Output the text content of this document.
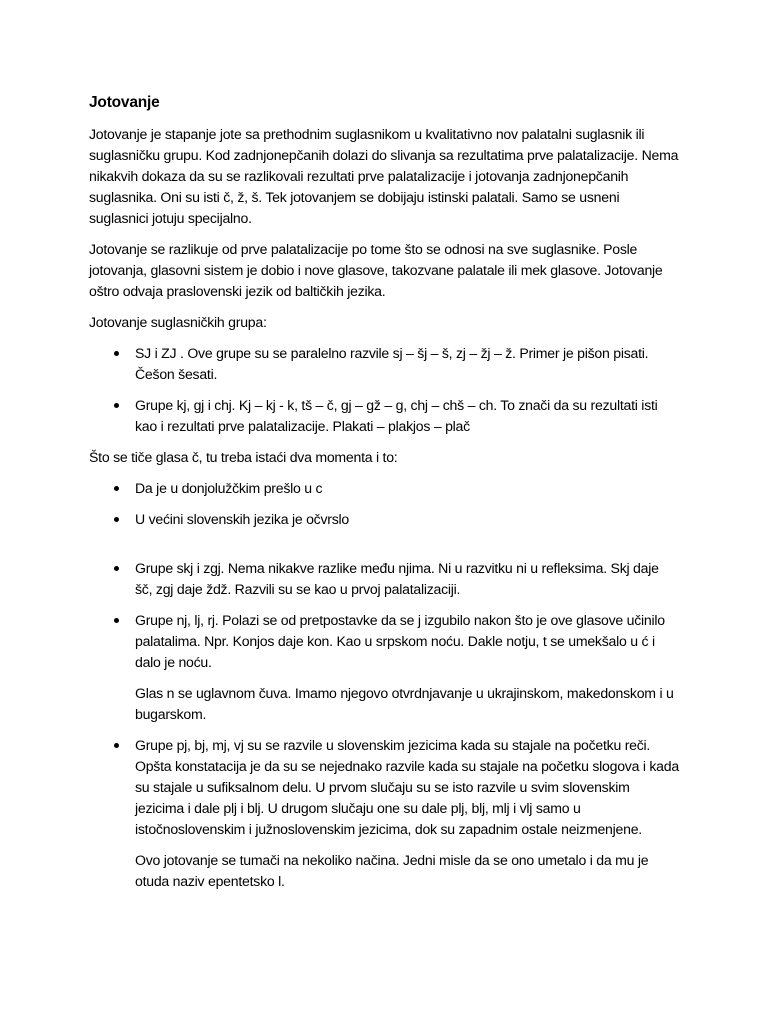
Jotovanje

Jotovanje je stapanje jote sa prethodnim suglasnikom u kvalitativno nov palatalni suglasnik ili suglasničku grupu. Kod zadnjonepčanih dolazi do slivanja sa rezultatima prve palatalizacije. Nema nikakvih dokaza da su se razlikovali rezultati prve palatalizacije i jotovanja zadnjonepčanih suglasnika. Oni su isti č, ž, š. Tek jotovanjem se dobijaju istinski palatali. Samo se usneni suglasnici jotuju specijalno.

Jotovanje se razlikuje od prve palatalizacije po tome što se odnosi na sve suglasnike. Posle jotovanja, glasovni sistem je dobio i nove glasove, takozvane palatale ili mek glasove. Jotovanje oštro odvaja praslovenski jezik od baltičkih jezika.

Jotovanje suglasničkih grupa:

SJ i ZJ . Ove grupe su se paralelno razvile sj – šj – š, zj – žj – ž. Primer je pišon pisati. Češon šesati.
Grupe kj, gj i chj. Kj – kj - k, tš – č, gj – gž – g, chj – chš – ch. To znači da su rezultati isti kao i rezultati prve palatalizacije. Plakati – plakjos – plač

Što se tiče glasa č, tu treba istaći dva momenta i to:

Da je u donjolužčkim prešlo u c
U većini slovenskih jezika je očvrslo
Grupe skj i zgj. Nema nikakve razlike među njima. Ni u razvitku ni u refleksima. Skj daje šč, zgj daje ždž. Razvili su se kao u prvoj palatalizaciji.
Grupe nj, lj, rj. Polazi se od pretpostavke da se j izgubilo nakon što je ove glasove učinilo palatalima. Npr. Konjos daje kon. Kao u srpskom noću. Dakle notju, t se umekšalo u ć i dalo je noću.

Glas n se uglavnom čuva. Imamo njegovo otvrdnjavanje u ukrajinskom, makedonskom i u bugarskom.

Grupe pj, bj, mj, vj su se razvile u slovenskim jezicima kada su stajale na početku reči. Opšta konstatacija je da su se nejednako razvile kada su stajale na početku slogova i kada su stajale u sufiksalnom delu. U prvom slučaju su se isto razvile u svim slovenskim jezicima i dale plj i blj. U drugom slučaju one su dale plj, blj, mlj i vlj samo u istočnoslovenskim i južnoslovenskim jezicima, dok su zapadnim ostale neizmenjene.

Ovo jotovanje se tumači na nekoliko načina. Jedni misle da se ono umetalo i da mu je otuda naziv epentetsko l.
